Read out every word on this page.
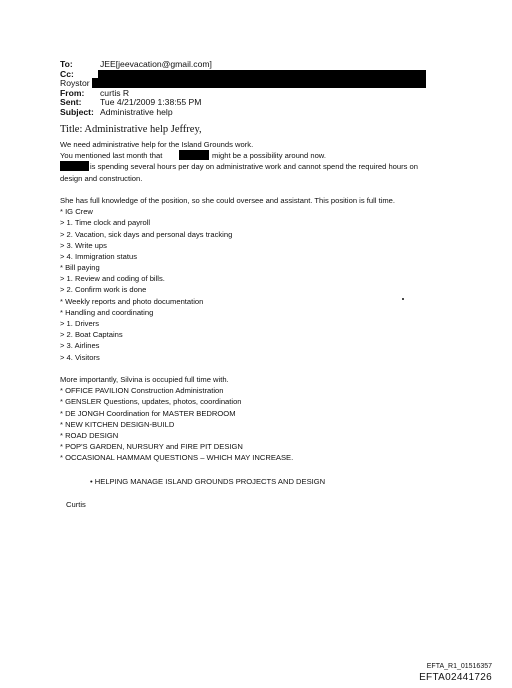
To:	JEE[jeevacation@gmail.com]
Cc:
Roystor
From: curtis R
Sent: Tue 4/21/2009 1:38:55 PM
Subject: Administrative help
Title: Administrative help Jeffrey,
We need administrative help for the Island Grounds work.
You mentioned last month that	might be a possibility around now.
is spending several hours per day on administrative work and cannot spend the required hours on
design and construction.
She has full knowledge of the position, so she could oversee and assistant. This position is full time.
* IG Crew
> 1. Time clock and payroll
> 2. Vacation, sick days and personal days tracking
> 3. Write ups
> 4. Immigration status
* Bill paying
> 1. Review and coding of bills.
> 2. Confirm work is done
* Weekly reports and photo documentation
* Handling and coordinating
> 1. Drivers
> 2. Boat Captains
> 3. Airlines
> 4. Visitors
More importantly, Silvina is occupied full time with.
* OFFICE PAVILION Construction Administration
* GENSLER Questions, updates, photos, coordination
* DE JONGH Coordination for MASTER BEDROOM
* NEW KITCHEN DESIGN-BUILD
* ROAD DESIGN
* POP'S GARDEN, NURSURY and FIRE PIT DESIGN
* OCCASIONAL HAMMAM QUESTIONS – WHICH MAY INCREASE.
• HELPING MANAGE ISLAND GROUNDS PROJECTS AND DESIGN
Curtis
EFTA_R1_01516357
EFTA02441726
